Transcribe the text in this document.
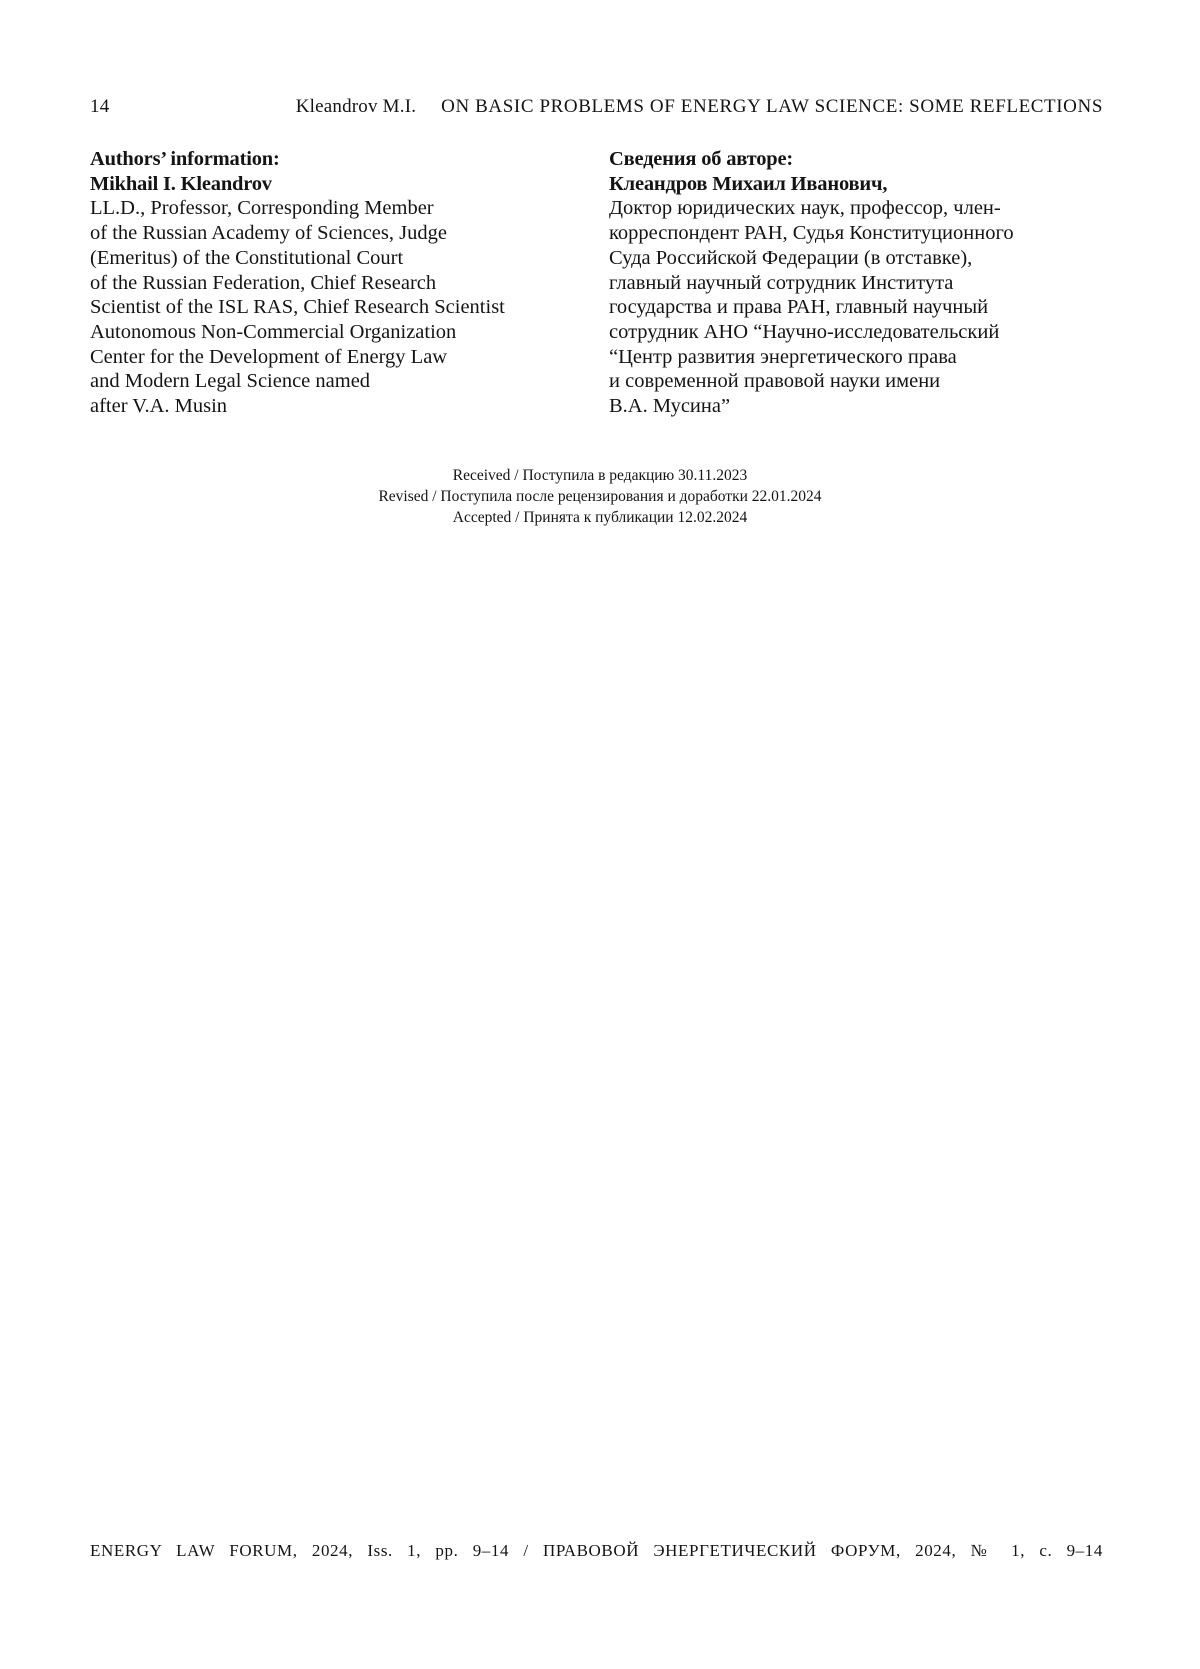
14	Kleandrov M.I. ON BASIC PROBLEMS OF ENERGY LAW SCIENCE: SOME REFLECTIONS
Authors’ information:
Mikhail I. Kleandrov
LL.D., Professor, Corresponding Member
of the Russian Academy of Sciences, Judge
(Emeritus) of the Constitutional Court
of the Russian Federation, Chief Research
Scientist of the ISL RAS, Chief Research Scientist
Autonomous Non-Commercial Organization
Center for the Development of Energy Law
and Modern Legal Science named
after V.A. Musin
Сведения об авторе:
Клеандров Михаил Иванович,
Доктор юридических наук, профессор, член-
корреспондент РАН, Судья Конституционного
Суда Российской Федерации (в отставке),
главный научный сотрудник Института
государства и права РАН, главный научный
сотрудник АНО “Научно-исследовательский
“Центр развития энергетического права
и современной правовой науки имени
В.А. Мусина”
Received / Поступила в редакцию 30.11.2023
Revised / Поступила после рецензирования и доработки 22.01.2024
Accepted / Принята к публикации 12.02.2024
ENERGY LAW FORUM, 2024, Iss. 1, pp. 9–14 / ПРАВОВОЙ ЭНЕРГЕТИЧЕСКИЙ ФОРУМ, 2024, № 1, с. 9–14
